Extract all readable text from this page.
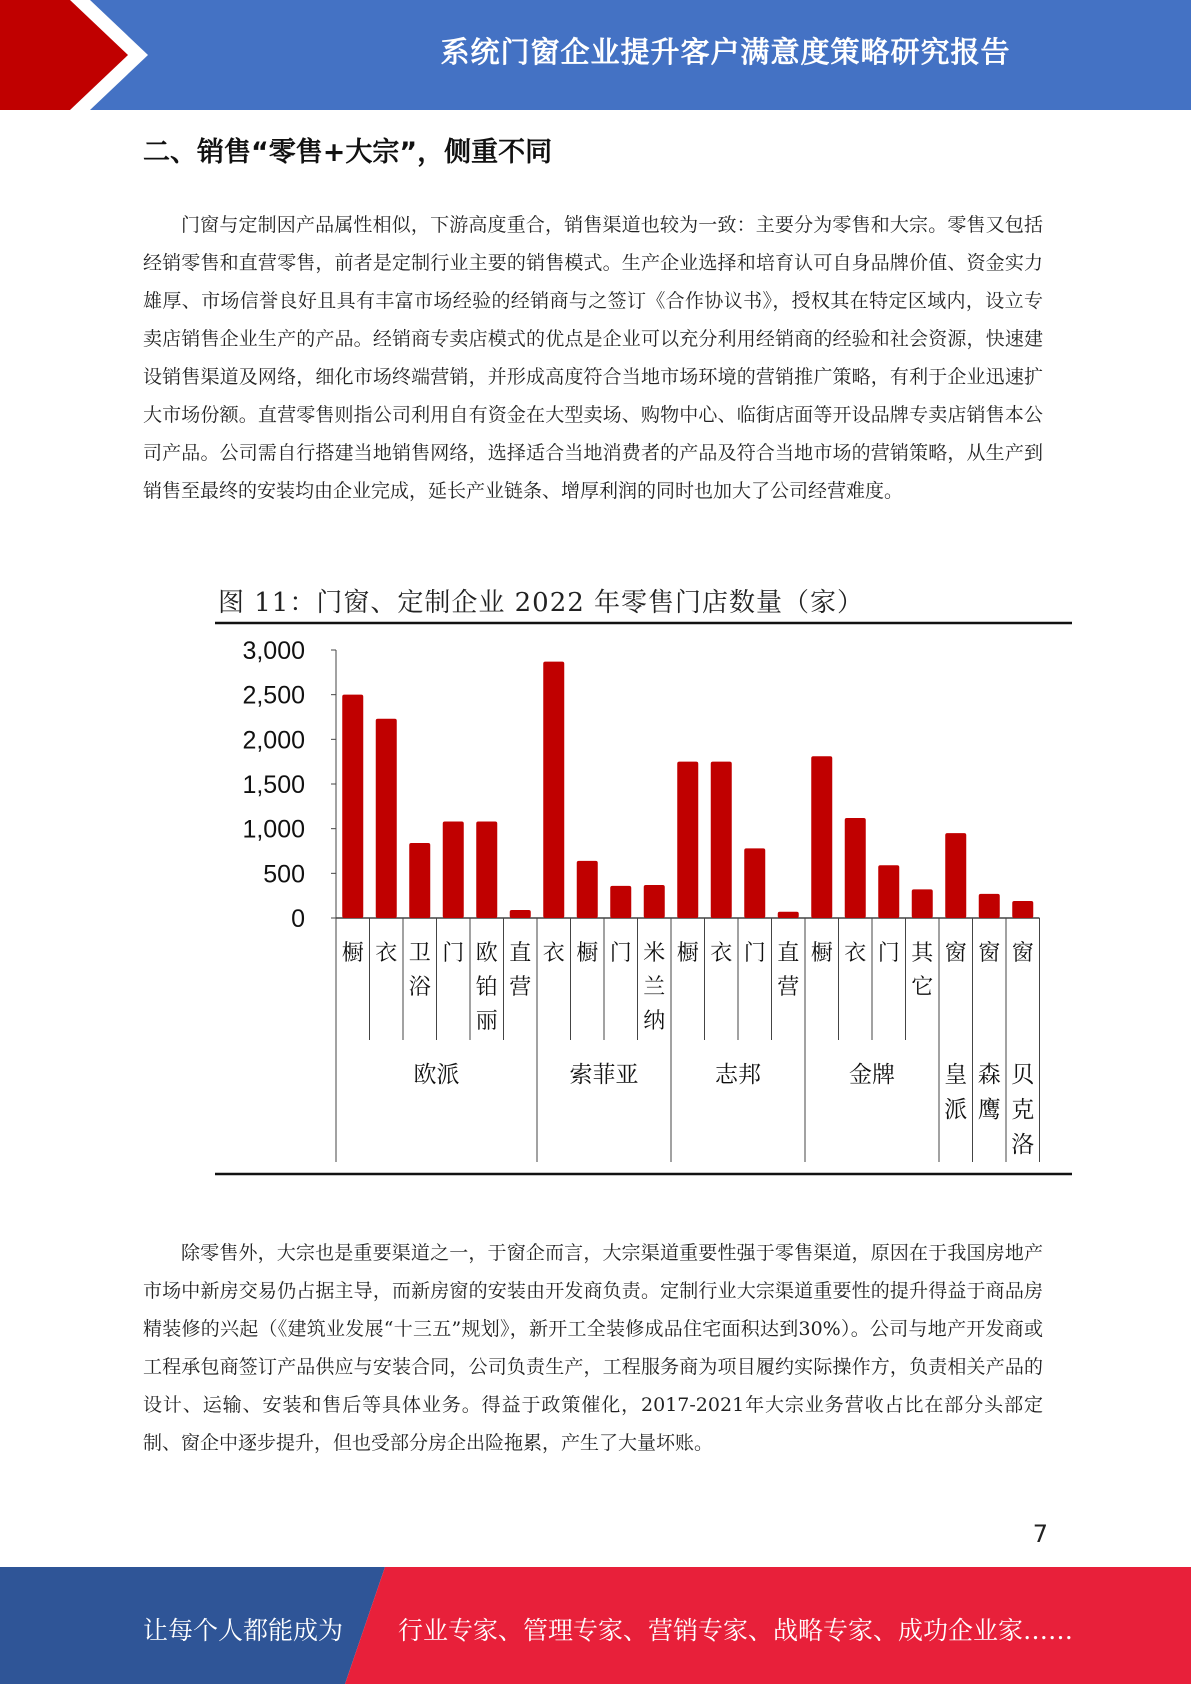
系统门窗企业提升客户满意度策略研究报告
二、销售“零售+大宗”，侧重不同

门窗与定制因产品属性相似，下游高度重合，销售渠道也较为一致：主要分为零售和大宗。零售又包括经销零售和直营零售，前者是定制行业主要的销售模式。生产企业选择和培育认可自身品牌价值、资金实力雄厚、市场信誉良好且具有丰富市场经验的经销商与之签订《合作协议书》，授权其在特定区域内，设立专卖店销售企业生产的产品。经销商专卖店模式的优点是企业可以充分利用经销商的经验和社会资源，快速建设销售渠道及网络，细化市场终端营销，并形成高度符合当地市场环境的营销推广策略，有利于企业迅速扩大市场份额。直营零售则指公司利用自有资金在大型卖场、购物中心、临街店面等开设品牌专卖店销售本公司产品。公司需自行搭建当地销售网络，选择适合当地消费者的产品及符合当地市场的营销策略，从生产到销售至最终的安装均由企业完成，延长产业链条、增厚利润的同时也加大了公司经营难度。

图 11：门窗、定制企业 2022 年零售门店数量（家）
3,000
2,500
2,000
1,500
1,000
500
0
橱 衣 卫浴
门 欧铂丽
直营
衣 橱 门 米兰纳
橱 衣 门 直营
橱 衣 门 其它
窗 窗 窗
欧派	索菲亚	志邦	金牌 皇派
森鹰
贝克洛

除零售外，大宗也是重要渠道之一，于窗企而言，大宗渠道重要性强于零售渠道，原因在于我国房地产市场中新房交易仍占据主导，而新房窗的安装由开发商负责。定制行业大宗渠道重要性的提升得益于商品房精装修的兴起（《建筑业发展“十三五”规划》，新开工全装修成品住宅面积达到30%）。公司与地产开发商或工程承包商签订产品供应与安装合同，公司负责生产，工程服务商为项目履约实际操作方，负责相关产品的设计、运输、安装和售后等具体业务。得益于政策催化，2017-2021年大宗业务营收占比在部分头部定制、窗企中逐步提升，但也受部分房企出险拖累，产生了大量坏账。

7
让每个人都能成为 行业专家、管理专家、营销专家、战略专家、成功企业家……
